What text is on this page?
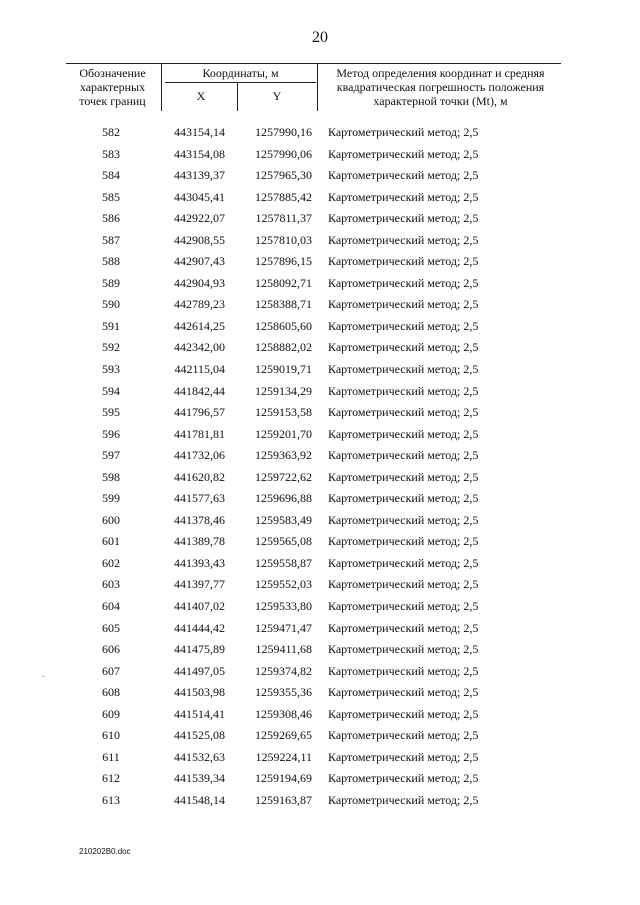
20
Обозначение характерных точек границ
Координаты, м
X	Y
Метод определения координат и средняя квадратическая погрешность положения характерной точки (Mt), м
582	443154,14	1257990,16 Картометрический метод; 2,5
583	443154,08	1257990,06 Картометрический метод; 2,5
584	443139,37	1257965,30 Картометрический метод; 2,5
585	443045,41	1257885,42 Картометрический метод; 2,5
586	442922,07	1257811,37 Картометрический метод; 2,5
587	442908,55	1257810,03 Картометрический метод; 2,5
588	442907,43	1257896,15 Картометрический метод; 2,5
589	442904,93	1258092,71 Картометрический метод; 2,5
590	442789,23	1258388,71 Картометрический метод; 2,5
591	442614,25	1258605,60 Картометрический метод; 2,5
592	442342,00	1258882,02 Картометрический метод; 2,5
593	442115,04	1259019,71 Картометрический метод; 2,5
594	441842,44	1259134,29 Картометрический метод; 2,5
595	441796,57	1259153,58 Картометрический метод; 2,5
596	441781,81	1259201,70 Картометрический метод; 2,5
597	441732,06	1259363,92 Картометрический метод; 2,5
598	441620,82	1259722,62 Картометрический метод; 2,5
599	441577,63	1259696,88 Картометрический метод; 2,5
600	441378,46	1259583,49 Картометрический метод; 2,5
601	441389,78	1259565,08 Картометрический метод; 2,5
602	441393,43	1259558,87 Картометрический метод; 2,5
603	441397,77	1259552,03 Картометрический метод; 2,5
604	441407,02	1259533,80 Картометрический метод; 2,5
605	441444,42	1259471,47 Картометрический метод; 2,5
606	441475,89	1259411,68 Картометрический метод; 2,5
607	441497,05	1259374,82 Картометрический метод; 2,5
608	441503,98	1259355,36 Картометрический метод; 2,5
609	441514,41	1259308,46 Картометрический метод; 2,5
610	441525,08	1259269,65 Картометрический метод; 2,5
611	441532,63	1259224,11 Картометрический метод; 2,5
612	441539,34	1259194,69 Картометрический метод; 2,5
613	441548,14	1259163,87 Картометрический метод; 2,5
210202В0.doc
